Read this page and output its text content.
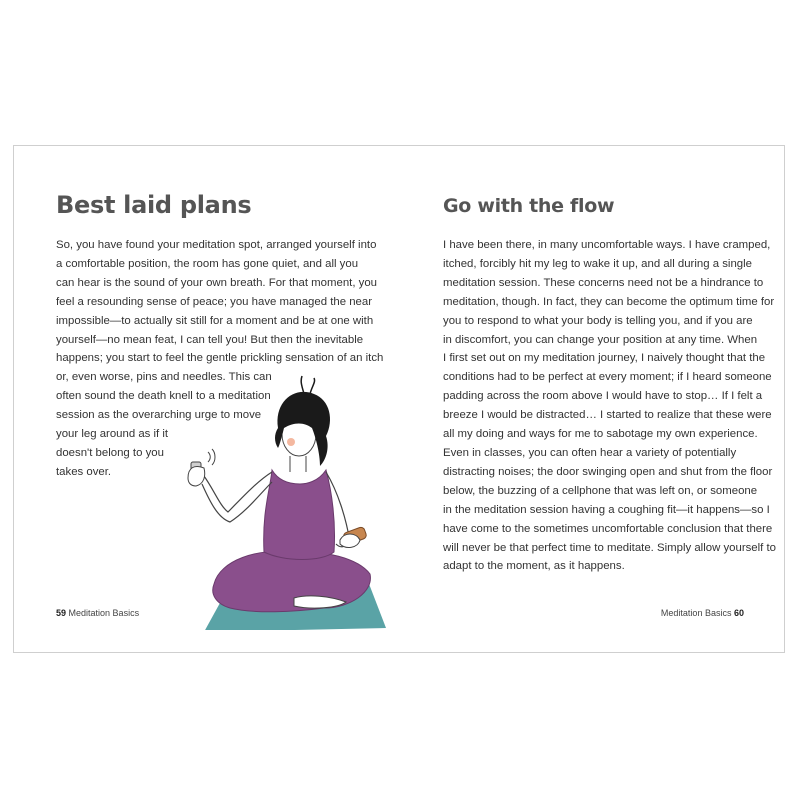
Best laid plans
So, you have found your meditation spot, arranged yourself into
a comfortable position, the room has gone quiet, and all you
can hear is the sound of your own breath. For that moment, you
feel a resounding sense of peace; you have managed the near
impossible—to actually sit still for a moment and be at one with
yourself—no mean feat, I can tell you! But then the inevitable
happens; you start to feel the gentle prickling sensation of an itch
or, even worse, pins and needles. This can
often sound the death knell to a meditation
session as the overarching urge to move
your leg around as if it
doesn't belong to you
takes over.
59 Meditation Basics
Go with the flow
I have been there, in many uncomfortable ways. I have cramped,
itched, forcibly hit my leg to wake it up, and all during a single
meditation session. These concerns need not be a hindrance to
meditation, though. In fact, they can become the optimum time for
you to respond to what your body is telling you, and if you are
in discomfort, you can change your position at any time. When
I first set out on my meditation journey, I naively thought that the
conditions had to be perfect at every moment; if I heard someone
padding across the room above I would have to stop… If I felt a
breeze I would be distracted… I started to realize that these were
all my doing and ways for me to sabotage my own experience.
Even in classes, you can often hear a variety of potentially
distracting noises; the door swinging open and shut from the floor
below, the buzzing of a cellphone that was left on, or someone
in the meditation session having a coughing fit—it happens—so I
have come to the sometimes uncomfortable conclusion that there
will never be that perfect time to meditate. Simply allow yourself to
adapt to the moment, as it happens.
Meditation Basics 60
